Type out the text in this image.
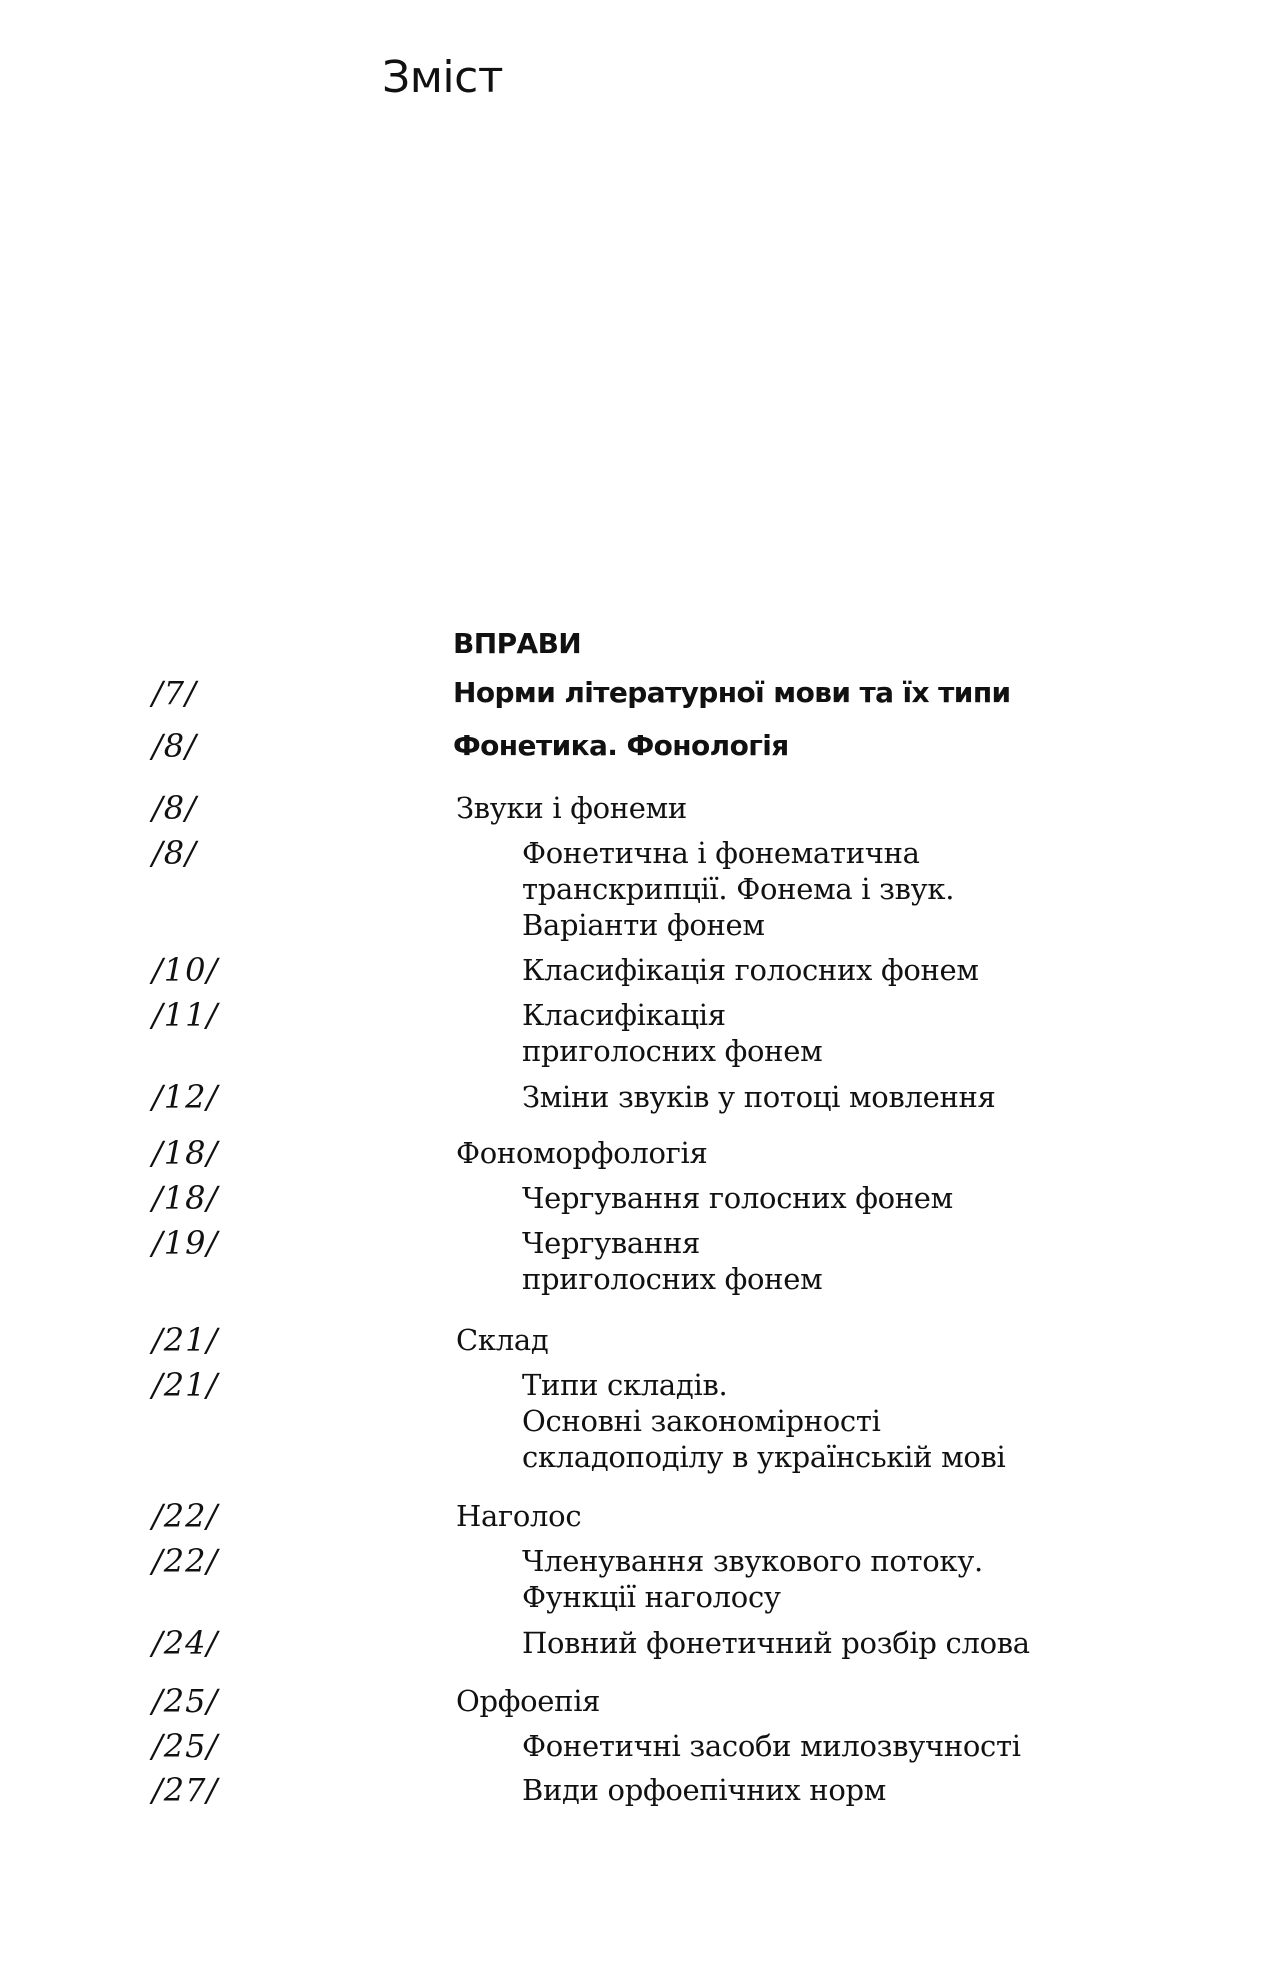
Зміст
ВПРАВИ
/7/	Норми літературної мови та їх типи
/8/	Фонетика. Фонологія
/8/	Звуки і фонеми
/8/	Фонетична і фонематична
транскрипції. Фонема і звук.
Варіанти фонем
/10/	Класифікація голосних фонем
/11/	Класифікація
приголосних фонем
/12/	Зміни звуків у потоці мовлення
/18/	Фономорфологія
/18/	Чергування голосних фонем
/19/	Чергування
приголосних фонем
/21/	Склад
/21/	Типи складів.
Основні закономірності
складоподілу в українській мові
/22/	Наголос
/22/	Членування звукового потоку.
Функції наголосу
/24/	Повний фонетичний розбір слова
/25/	Орфоепія
/25/	Фонетичні засоби милозвучності
/27/	Види орфоепічних норм
